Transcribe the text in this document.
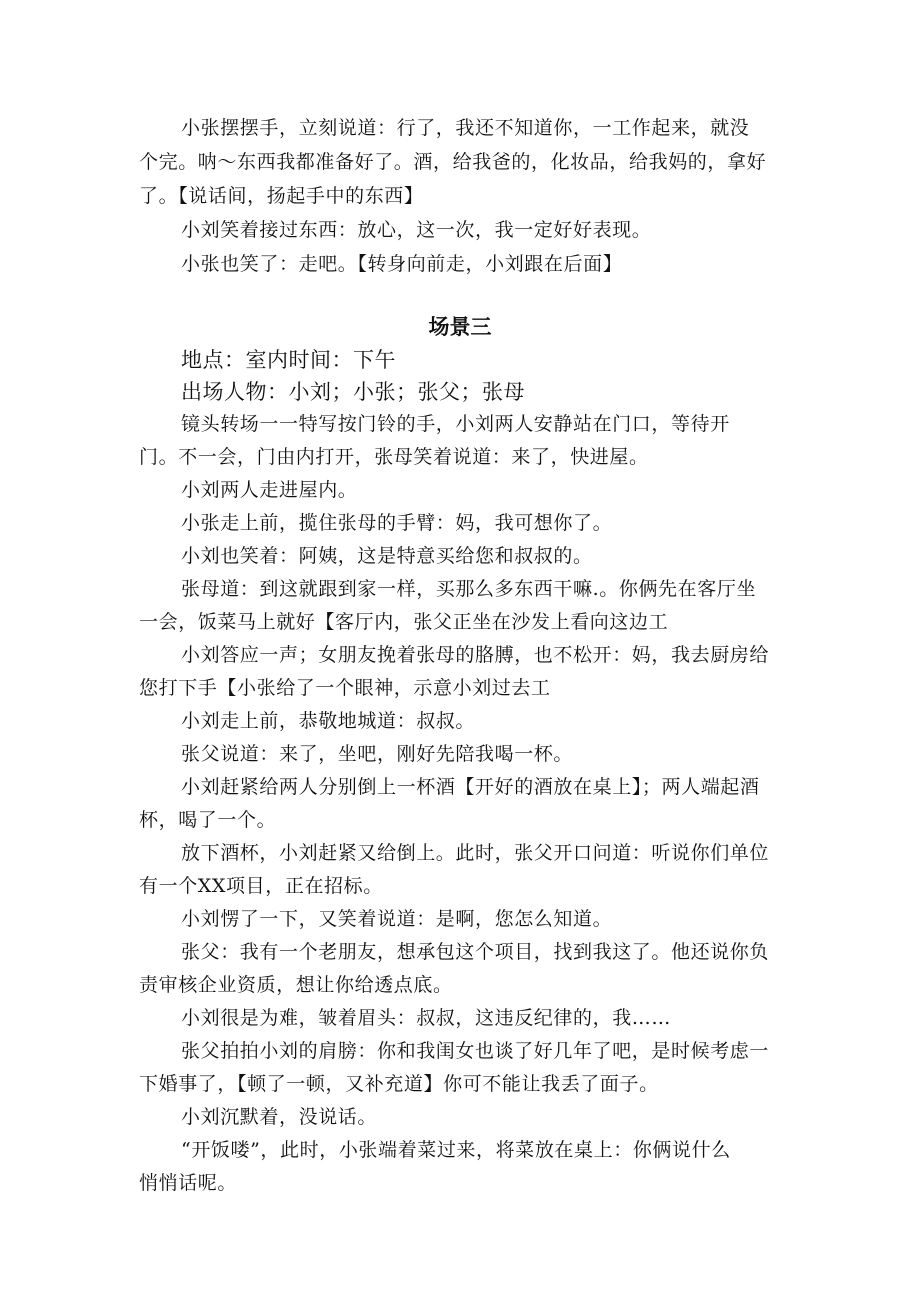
小张摆摆手，立刻说道：行了，我还不知道你，一工作起来，就没
个完。呐～东西我都准备好了。酒，给我爸的，化妆品，给我妈的，拿好
了。【说话间，扬起手中的东西】
小刘笑着接过东西：放心，这一次，我一定好好表现。
小张也笑了：走吧。【转身向前走，小刘跟在后面】
场景三
地点：室内时间：下午
出场人物：小刘；小张；张父；张母
镜头转场一一特写按门铃的手，小刘两人安静站在门口，等待开
门。不一会，门由内打开，张母笑着说道：来了，快进屋。
小刘两人走进屋内。
小张走上前，揽住张母的手臂：妈，我可想你了。
小刘也笑着：阿姨，这是特意买给您和叔叔的。
张母道：到这就跟到家一样，买那么多东西干嘛.。你俩先在客厅坐
一会，饭菜马上就好【客厅内，张父正坐在沙发上看向这边工
小刘答应一声；女朋友挽着张母的胳膊，也不松开：妈，我去厨房给
您打下手【小张给了一个眼神，示意小刘过去工
小刘走上前，恭敬地城道：叔叔。
张父说道：来了，坐吧，刚好先陪我喝一杯。
小刘赶紧给两人分别倒上一杯酒【开好的酒放在桌上】；两人端起酒
杯，喝了一个。
放下酒杯，小刘赶紧又给倒上。此时，张父开口问道：听说你们单位
有一个XX项目，正在招标。
小刘愣了一下，又笑着说道：是啊，您怎么知道。
张父：我有一个老朋友，想承包这个项目，找到我这了。他还说你负
责审核企业资质，想让你给透点底。
小刘很是为难，皱着眉头：叔叔，这违反纪律的，我……
张父拍拍小刘的肩膀：你和我闺女也谈了好几年了吧，是时候考虑一
下婚事了，【顿了一顿，又补充道】你可不能让我丢了面子。
小刘沉默着，没说话。
“开饭喽”，此时，小张端着菜过来，将菜放在桌上：你俩说什么
悄悄话呢。
